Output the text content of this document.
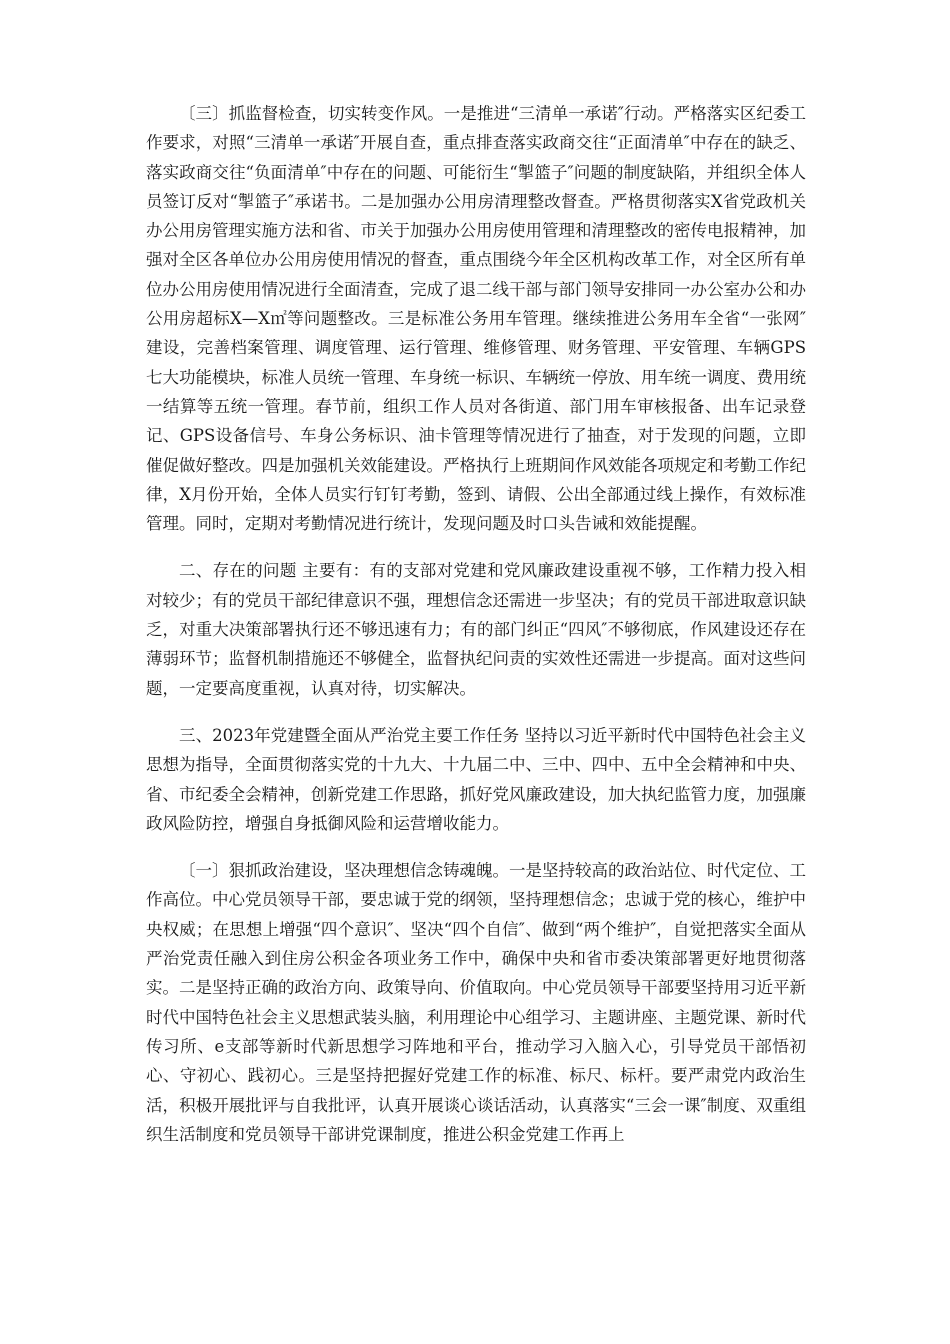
〔三〕抓监督检查，切实转变作风。一是推进“三清单一承诺″行动。严格落实区纪委工作要求，对照“三清单一承诺″开展自查，重点排查落实政商交往“正面清单″中存在的缺乏、落实政商交往“负面清单″中存在的问题、可能衍生“掣篮子″问题的制度缺陷，并组织全体人员签订反对“掣篮子″承诺书。二是加强办公用房清理整改督查。严格贯彻落实X省党政机关办公用房管理实施方法和省、市关于加强办公用房使用管理和清理整改的密传电报精神，加强对全区各单位办公用房使用情况的督查，重点围绕今年全区机构改革工作，对全区所有单位办公用房使用情况进行全面清查，完成了退二线干部与部门领导安排同一办公室办公和办公用房超标X—X㎡等问题整改。三是标准公务用车管理。继续推进公务用车全省“一张网″建设，完善档案管理、调度管理、运行管理、维修管理、财务管理、平安管理、车辆GPS七大功能模块，标准人员统一管理、车身统一标识、车辆统一停放、用车统一调度、费用统一结算等五统一管理。春节前，组织工作人员对各街道、部门用车审核报备、出车记录登记、GPS设备信号、车身公务标识、油卡管理等情况进行了抽查，对于发现的问题，立即催促做好整改。四是加强机关效能建设。严格执行上班期间作风效能各项规定和考勤工作纪律，X月份开始，全体人员实行钉钉考勤，签到、请假、公出全部通过线上操作，有效标准管理。同时，定期对考勤情况进行统计，发现问题及时口头告诫和效能提醒。

二、存在的问题 主要有：有的支部对党建和党风廉政建设重视不够，工作精力投入相对较少；有的党员干部纪律意识不强，理想信念还需进一步坚决；有的党员干部进取意识缺乏，对重大决策部署执行还不够迅速有力；有的部门纠正“四风″不够彻底，作风建设还存在薄弱环节；监督机制措施还不够健全，监督执纪问责的实效性还需进一步提高。面对这些问题，一定要高度重视，认真对待，切实解决。

三、2023年党建暨全面从严治党主要工作任务 坚持以习近平新时代中国特色社会主义思想为指导，全面贯彻落实党的十九大、十九届二中、三中、四中、五中全会精神和中央、省、市纪委全会精神，创新党建工作思路，抓好党风廉政建设，加大执纪监管力度，加强廉政风险防控，增强自身抵御风险和运营增收能力。

〔一〕狠抓政治建设，坚决理想信念铸魂魄。一是坚持较高的政治站位、时代定位、工作高位。中心党员领导干部，要忠诚于党的纲领，坚持理想信念；忠诚于党的核心，维护中央权威；在思想上增强“四个意识″、坚决“四个自信″、做到“两个维护″，自觉把落实全面从严治党责任融入到住房公积金各项业务工作中，确保中央和省市委决策部署更好地贯彻落实。二是坚持正确的政治方向、政策导向、价值取向。中心党员领导干部要坚持用习近平新时代中国特色社会主义思想武装头脑，利用理论中心组学习、主题讲座、主题党课、新时代传习所、e支部等新时代新思想学习阵地和平台，推动学习入脑入心，引导党员干部悟初心、守初心、践初心。三是坚持把握好党建工作的标准、标尺、标杆。要严肃党内政治生活，积极开展批评与自我批评，认真开展谈心谈话活动，认真落实“三会一课″制度、双重组织生活制度和党员领导干部讲党课制度，推进公积金党建工作再上
